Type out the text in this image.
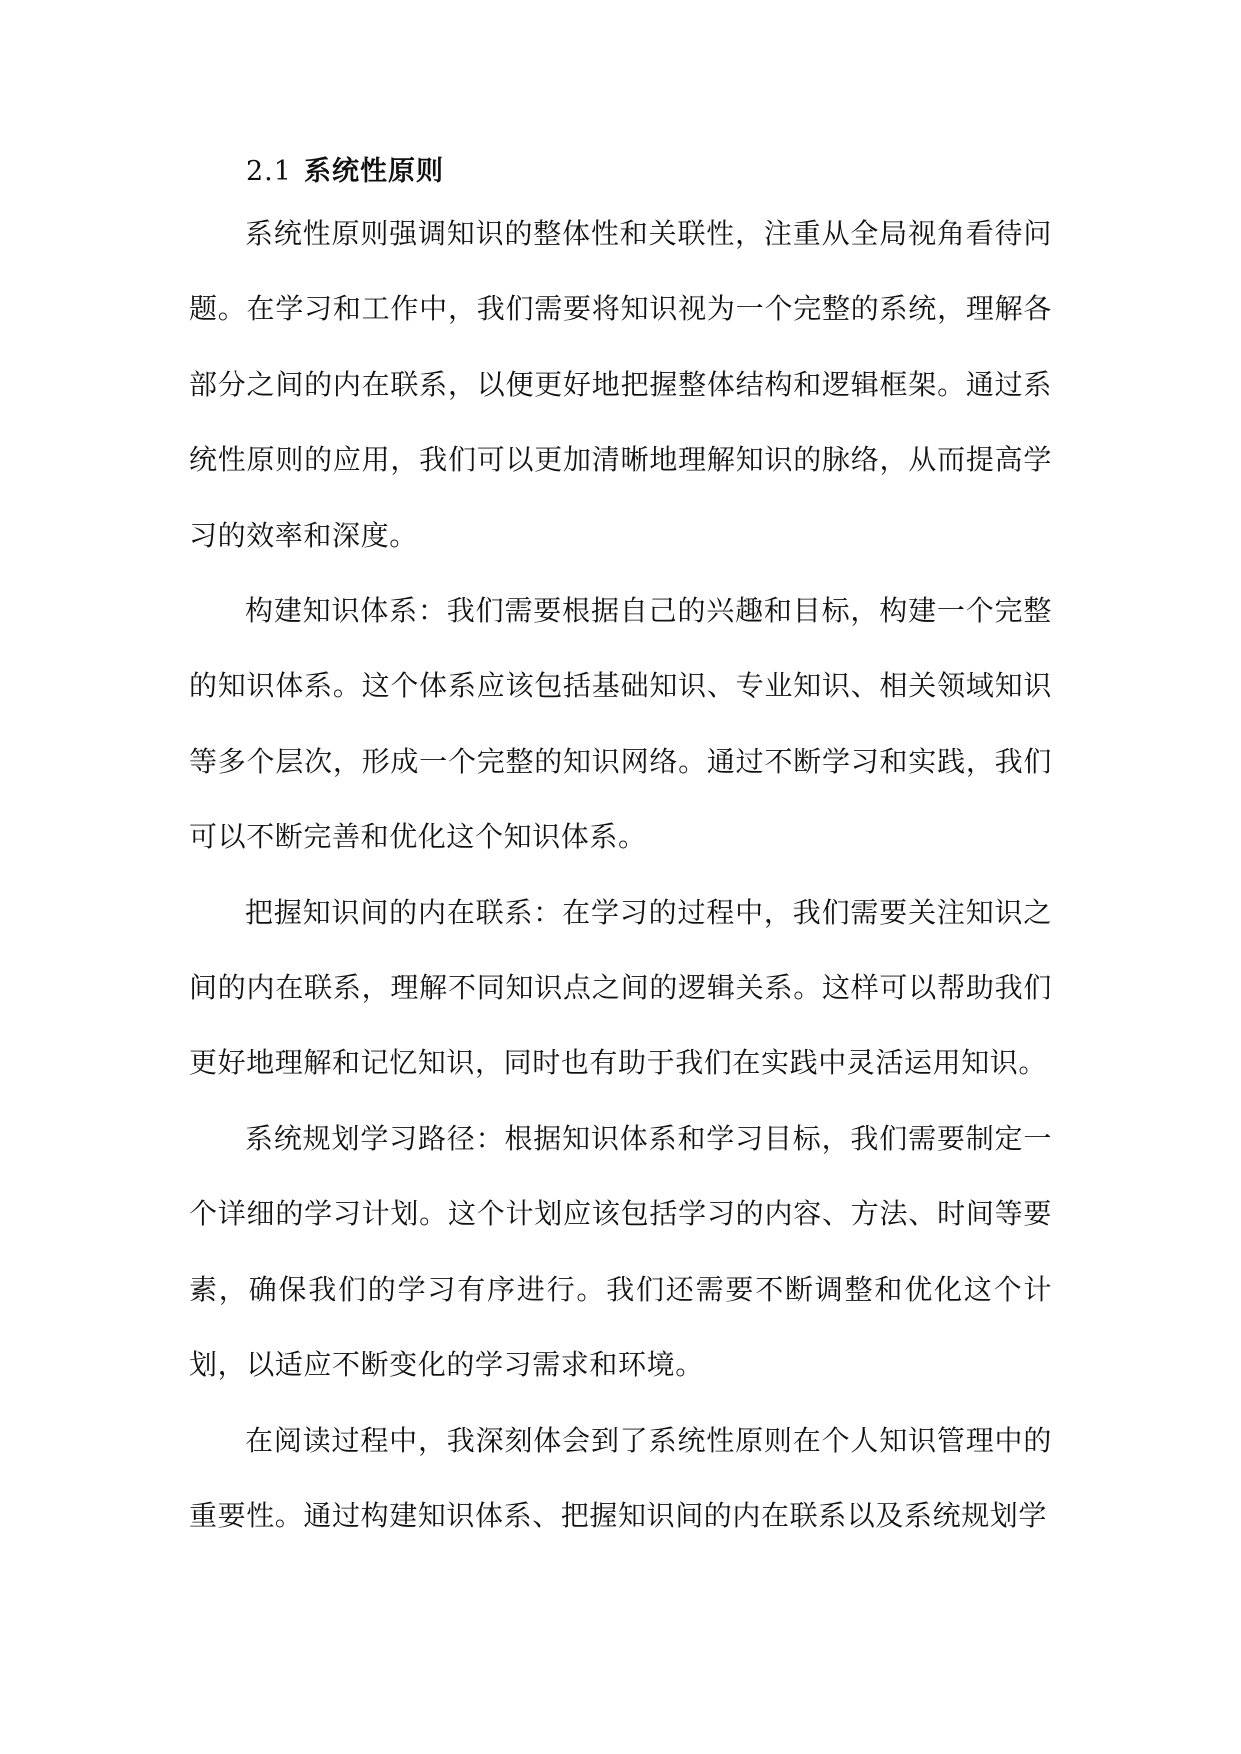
2.1 系统性原则

系统性原则强调知识的整体性和关联性，注重从全局视角看待问题。在学习和工作中，我们需要将知识视为一个完整的系统，理解各部分之间的内在联系，以便更好地把握整体结构和逻辑框架。通过系统性原则的应用，我们可以更加清晰地理解知识的脉络，从而提高学习的效率和深度。

构建知识体系：我们需要根据自己的兴趣和目标，构建一个完整的知识体系。这个体系应该包括基础知识、专业知识、相关领域知识等多个层次，形成一个完整的知识网络。通过不断学习和实践，我们可以不断完善和优化这个知识体系。

把握知识间的内在联系：在学习的过程中，我们需要关注知识之间的内在联系，理解不同知识点之间的逻辑关系。这样可以帮助我们更好地理解和记忆知识，同时也有助于我们在实践中灵活运用知识。

系统规划学习路径：根据知识体系和学习目标，我们需要制定一个详细的学习计划。这个计划应该包括学习的内容、方法、时间等要素，确保我们的学习有序进行。我们还需要不断调整和优化这个计划，以适应不断变化的学习需求和环境。

在阅读过程中，我深刻体会到了系统性原则在个人知识管理中的重要性。通过构建知识体系、把握知识间的内在联系以及系统规划学
